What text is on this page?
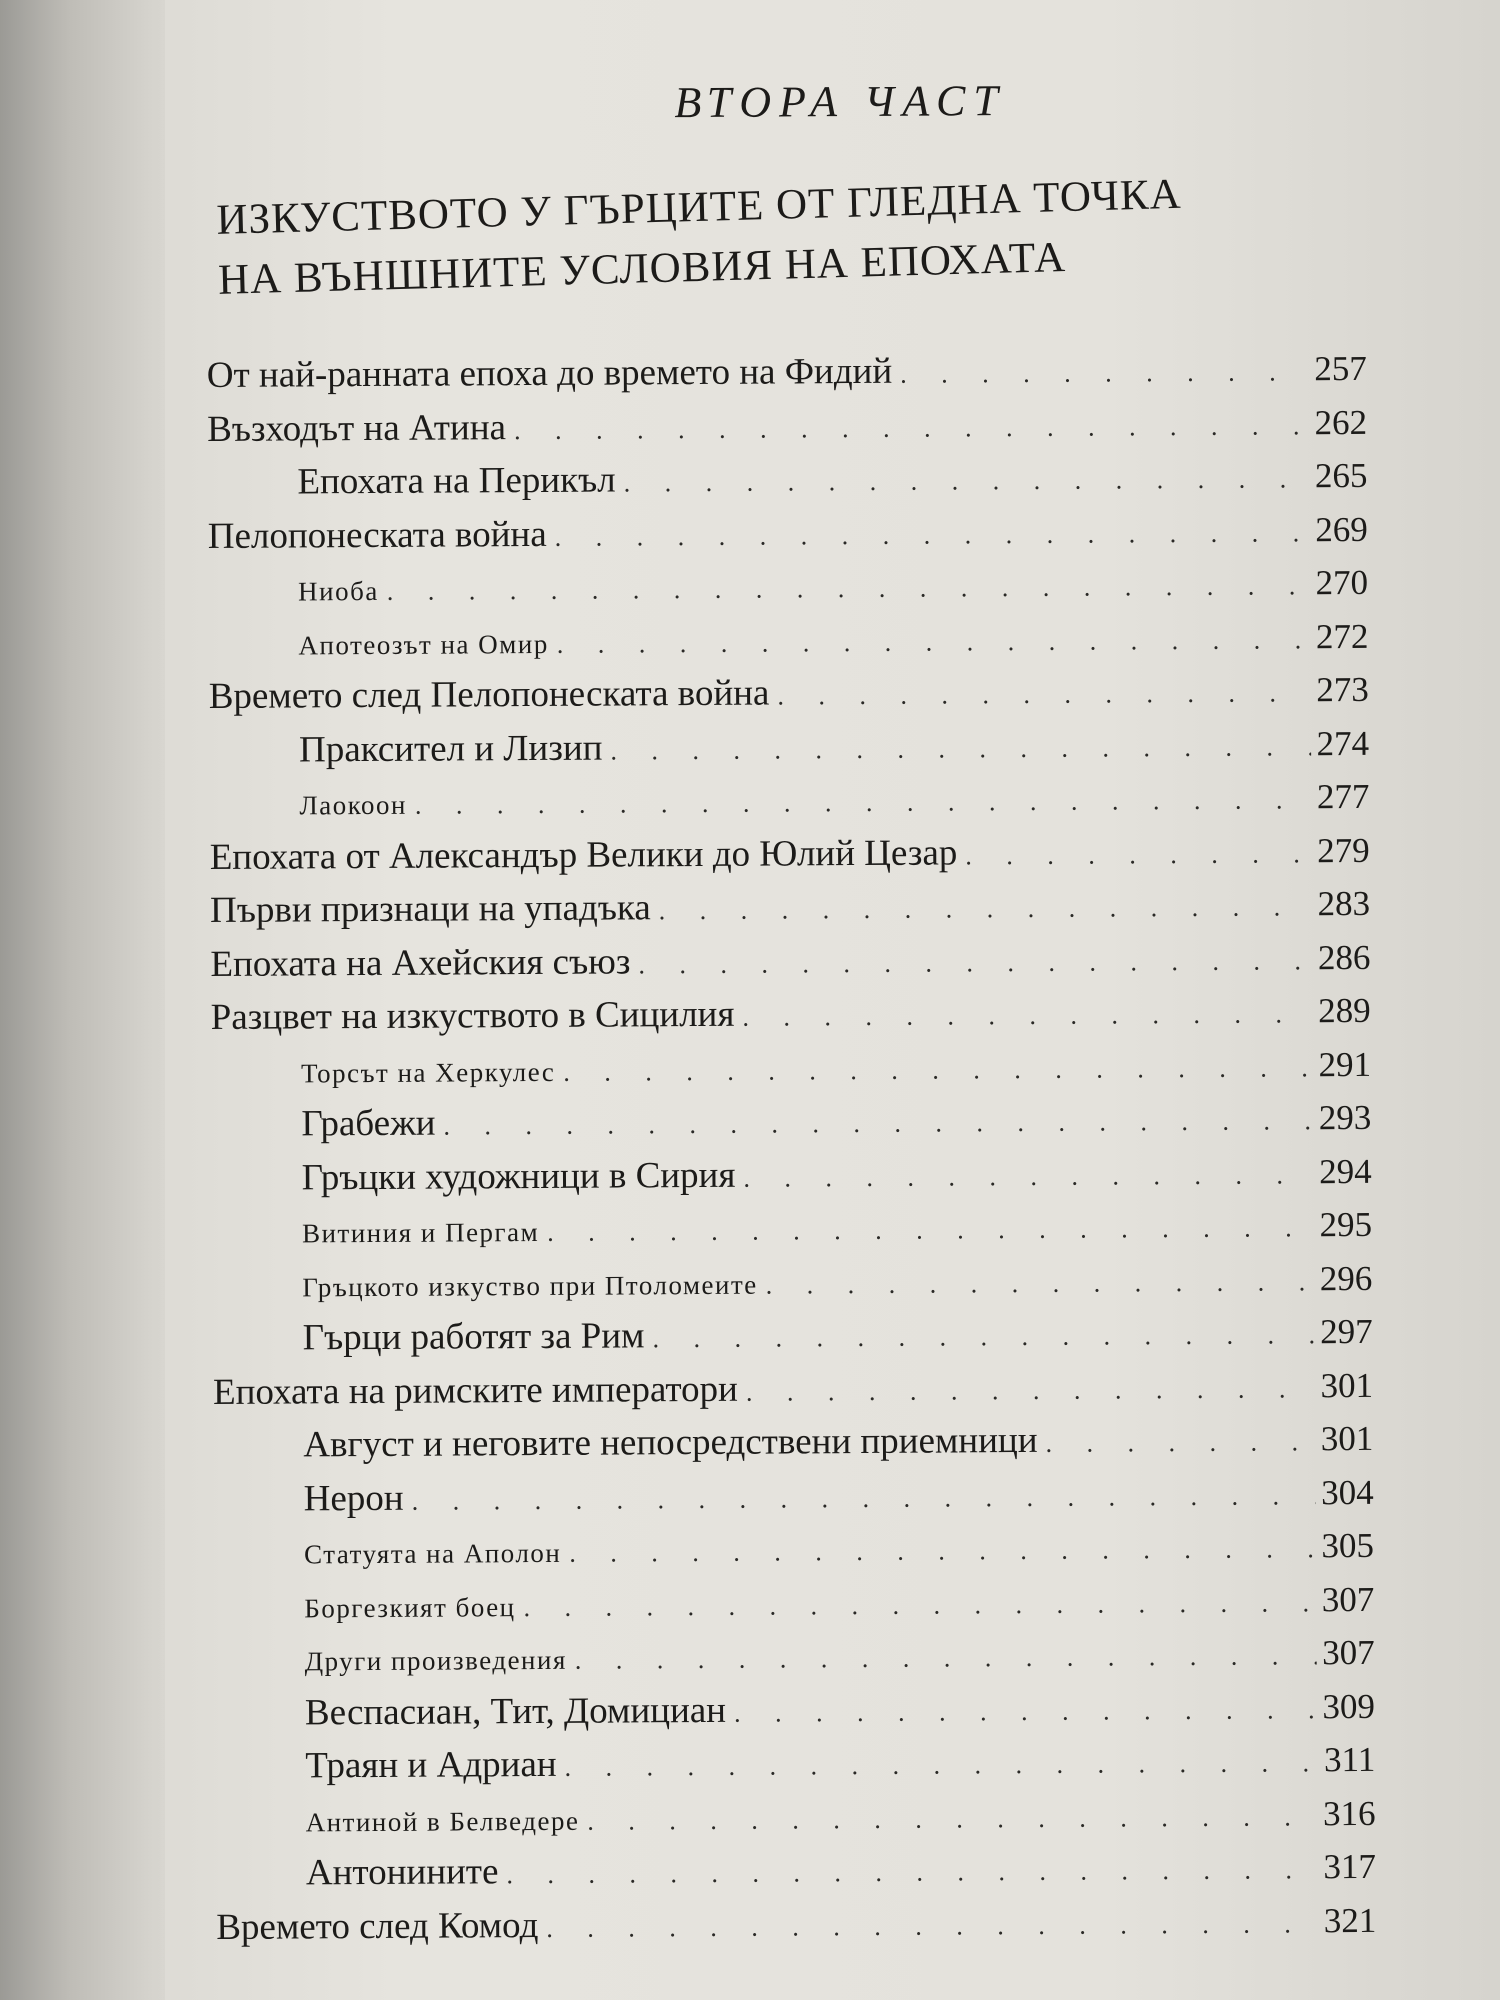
ВТОРА ЧАСТ
ИЗКУСТВОТО У ГЪРЦИТЕ ОТ ГЛЕДНА ТОЧКА
НА ВЪНШНИТЕ УСЛОВИЯ НА ЕПОХАТА
От най-ранната епоха до времето на Фидий . . .	257
Възходът на Атина . . .	262
Епохата на Перикъл . . .	265
Пелопонеската война . . .	269
Ниоба . . .	270
Апотеозът на Омир . . .	272
Времето след Пелопонеската война . . .	273
Праксител и Лизип . . .	274
Лаокоон . . .	277
Епохата от Александър Велики до Юлий Цезар . . .	279
Първи признаци на упадъка . . .	283
Епохата на Ахейския съюз . . .	286
Разцвет на изкуството в Сицилия . . .	289
Торсът на Херкулес . . .	291
Грабежи . . .	293
Гръцки художници в Сирия . . .	294
Витиния и Пергам . . .	295
Гръцкото изкуство при Птоломеите . . .	296
Гърци работят за Рим . . .	297
Епохата на римските императори . . .	301
Август и неговите непосредствени приемници . . .	301
Нерон . . .	304
Статуята на Аполон . . .	305
Боргезкият боец . . .	307
Други произведения . . .	307
Веспасиан, Тит, Домициан . . .	309
Траян и Адриан . . .	311
Антиной в Белведере . . .	316
Антонините . . .	317
Времето след Комод . . .	321
